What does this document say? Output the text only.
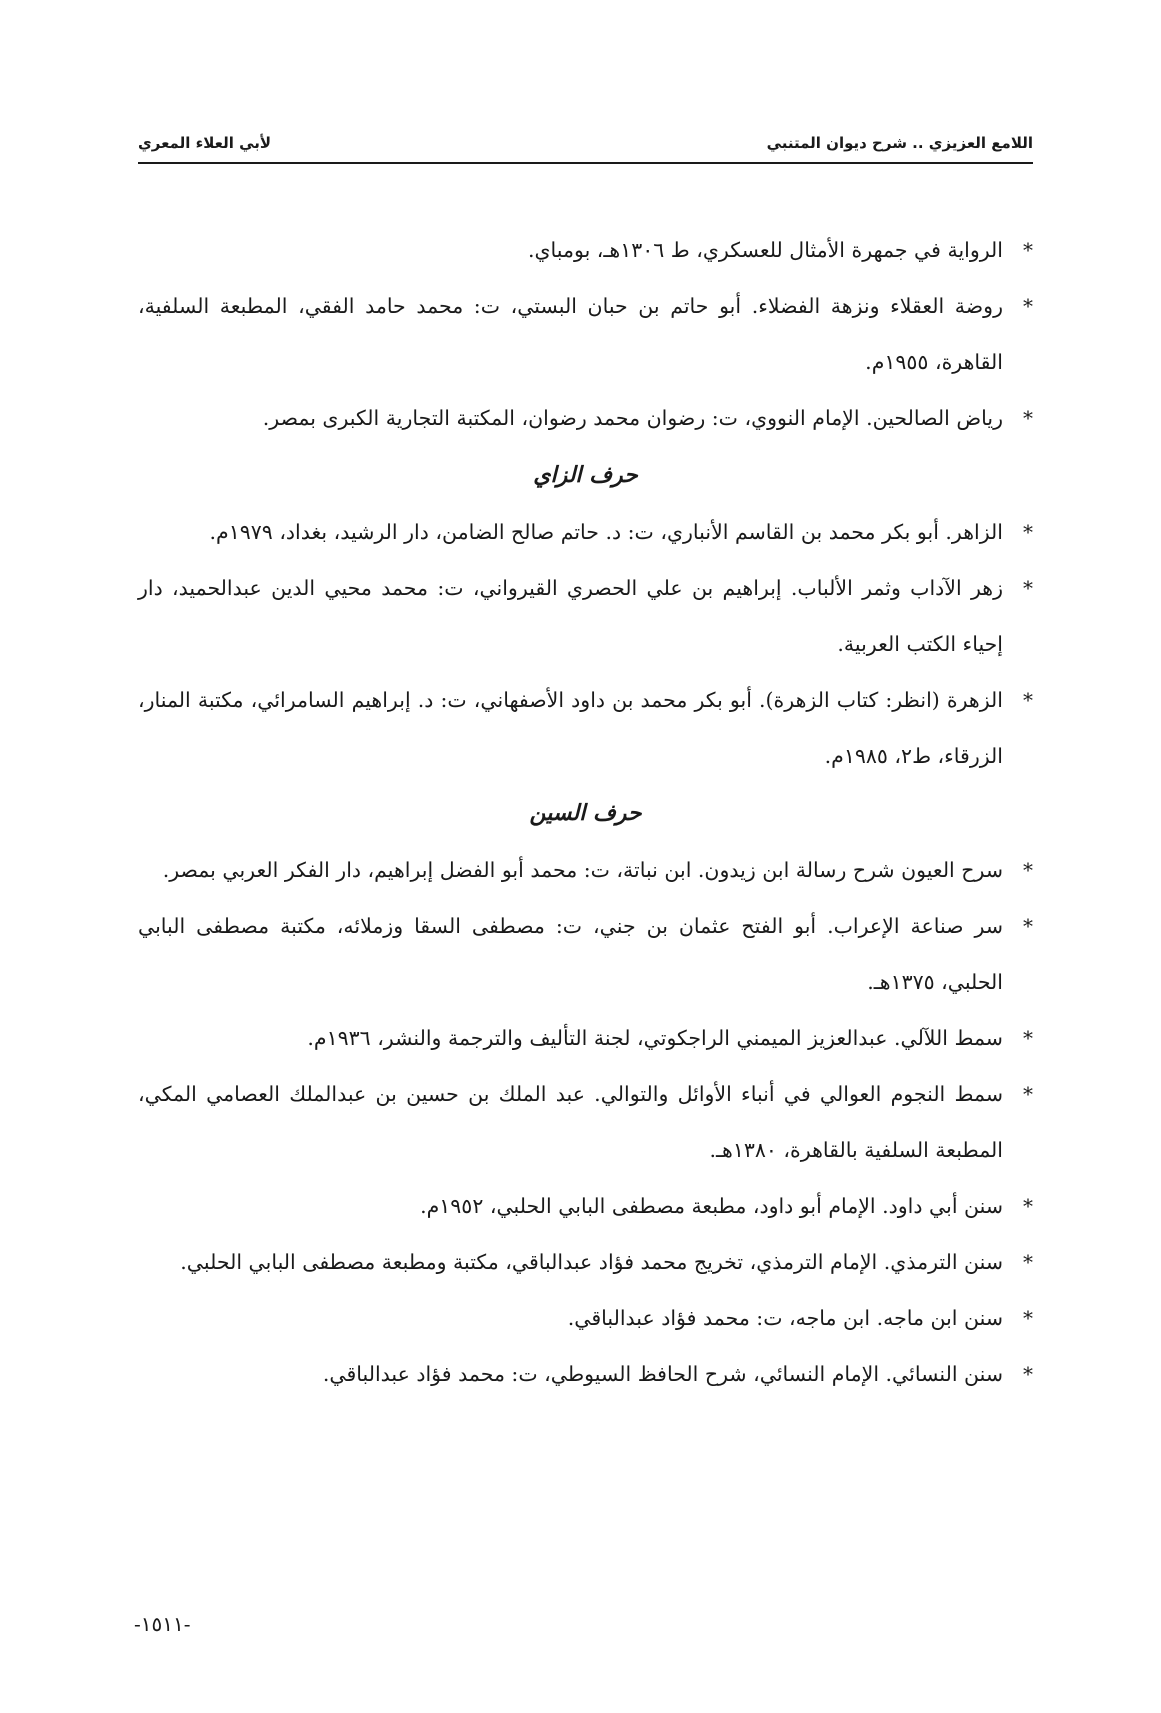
اللامع العزيزي .. شرح ديوان المتنبي
لأبي العلاء المعري
*
الرواية في جمهرة الأمثال للعسكري، ط ١٣٠٦هـ، بومباي.
*
روضة العقلاء ونزهة الفضلاء. أبو حاتم بن حبان البستي، ت: محمد حامد الفقي، المطبعة السلفية، القاهرة، ١٩٥٥م.
*
رياض الصالحين. الإمام النووي، ت: رضوان محمد رضوان، المكتبة التجارية الكبرى بمصر.
حرف الزاي
*
الزاهر. أبو بكر محمد بن القاسم الأنباري، ت: د. حاتم صالح الضامن، دار الرشيد، بغداد، ١٩٧٩م.
*
زهر الآداب وثمر الألباب. إبراهيم بن علي الحصري القيرواني، ت: محمد محيي الدين عبدالحميد، دار إحياء الكتب العربية.
*
الزهرة (انظر: كتاب الزهرة). أبو بكر محمد بن داود الأصفهاني، ت: د. إبراهيم السامرائي، مكتبة المنار، الزرقاء، ط٢، ١٩٨٥م.
حرف السين
*
سرح العيون شرح رسالة ابن زيدون. ابن نباتة، ت: محمد أبو الفضل إبراهيم، دار الفكر العربي بمصر.
*
سر صناعة الإعراب. أبو الفتح عثمان بن جني، ت: مصطفى السقا وزملائه، مكتبة مصطفى البابي الحلبي، ١٣٧٥هـ.
*
سمط اللآلي. عبدالعزيز الميمني الراجكوتي، لجنة التأليف والترجمة والنشر، ١٩٣٦م.
*
سمط النجوم العوالي في أنباء الأوائل والتوالي. عبد الملك بن حسين بن عبدالملك العصامي المكي، المطبعة السلفية بالقاهرة، ١٣٨٠هـ.
*
سنن أبي داود. الإمام أبو داود، مطبعة مصطفى البابي الحلبي، ١٩٥٢م.
*
سنن الترمذي. الإمام الترمذي، تخريج محمد فؤاد عبدالباقي، مكتبة ومطبعة مصطفى البابي الحلبي.
*
سنن ابن ماجه. ابن ماجه، ت: محمد فؤاد عبدالباقي.
*
سنن النسائي. الإمام النسائي، شرح الحافظ السيوطي، ت: محمد فؤاد عبدالباقي.
-١٥١١-
